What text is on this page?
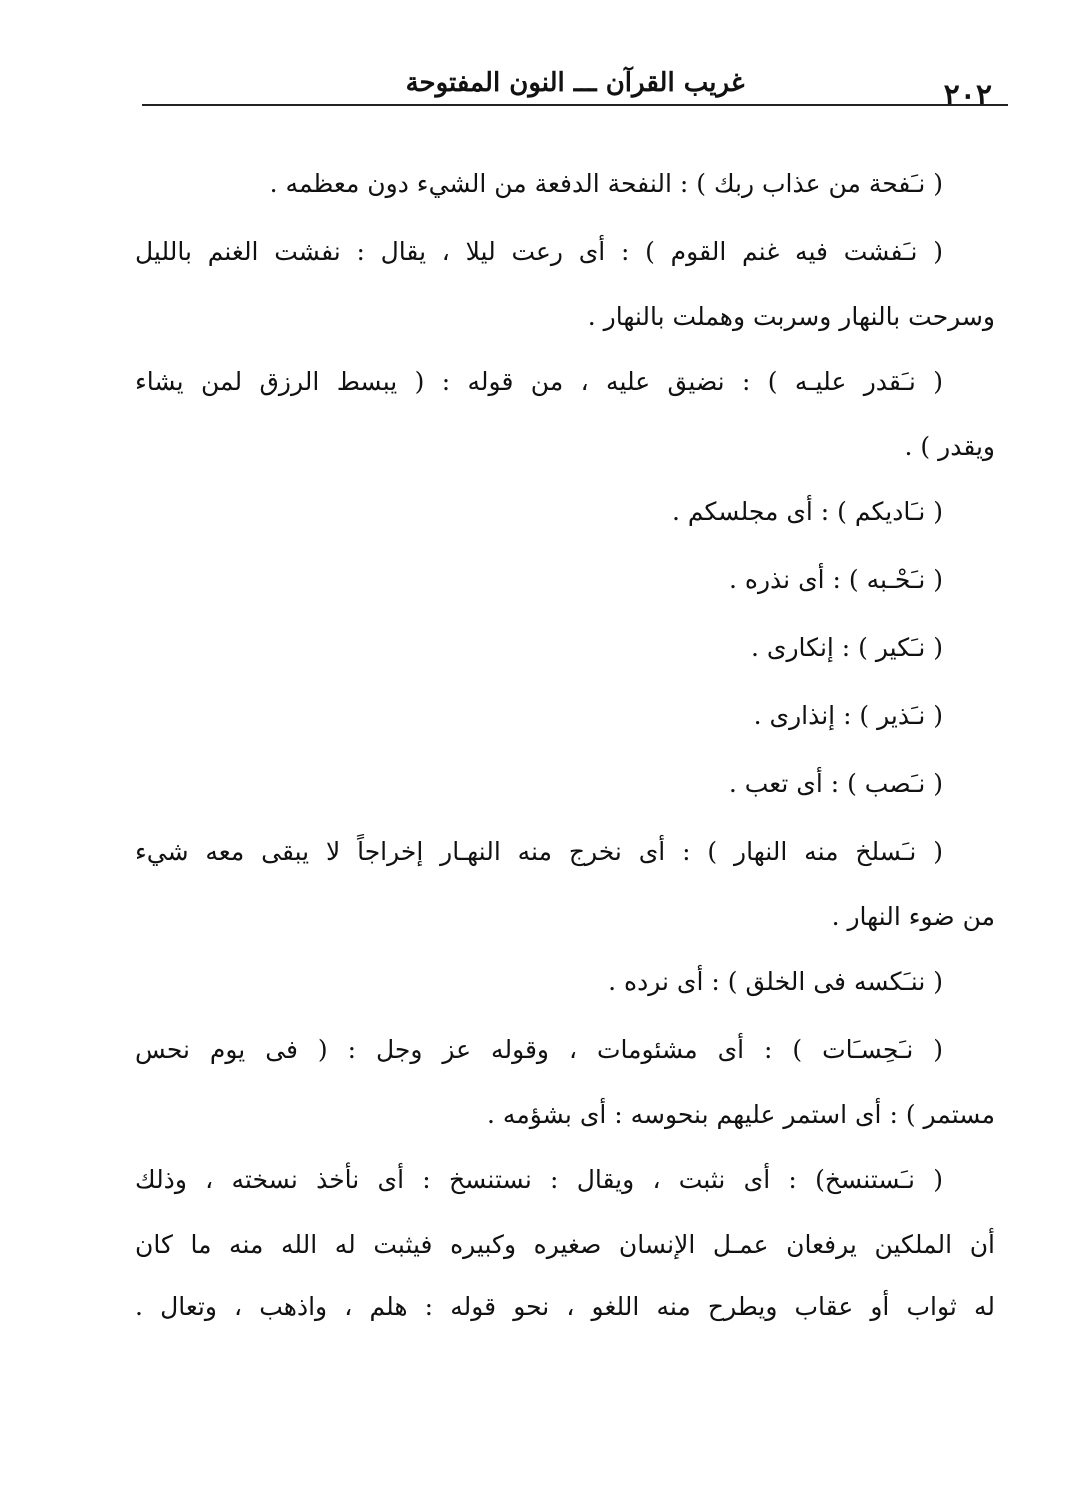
٢٠٢
غريب القرآن ـــ النون المفتوحة

( نـَفحة من عذاب ربك ) : النفحة الدفعة من الشيء دون معظمه .

( نـَفشت فيه غنم القوم ) : أى رعت ليلا ، يقال : نفشت الغنم بالليل
وسرحت بالنهار وسربت وهملت بالنهار .

( نـَقدر عليـه ) : نضيق عليه ، من قوله : ( يبسط الرزق لمن يشاء
ويقدر ) .

( نـَاديكم ) : أى مجلسكم .

( نـَحْـبه ) : أى نذره .

( نـَكير ) : إنكارى .

( نـَذير ) : إنذارى .

( نـَصب ) : أى تعب .

( نـَسلخ منه النهار ) : أى نخرج منه النهـار إخراجاً لا يبقى معه شيء
من ضوء النهار .

( ننـَكسه فى الخلق ) : أى نرده .

( نـَحِسـَات ) : أى مشئومات ، وقوله عز وجل : ( فى يوم نحس
مستمر ) : أى استمر عليهم بنحوسه : أى بشؤمه .

( نـَستنسخ) : أى نثبت ، ويقال : نستنسخ : أى نأخذ نسخته ، وذلك
أن الملكين يرفعان عمـل الإنسان صغيره وكبيره فيثبت له الله منه ما كان
له ثواب أو عقاب ويطرح منه اللغو ، نحو قوله : هلم ، واذهب ، وتعال .
